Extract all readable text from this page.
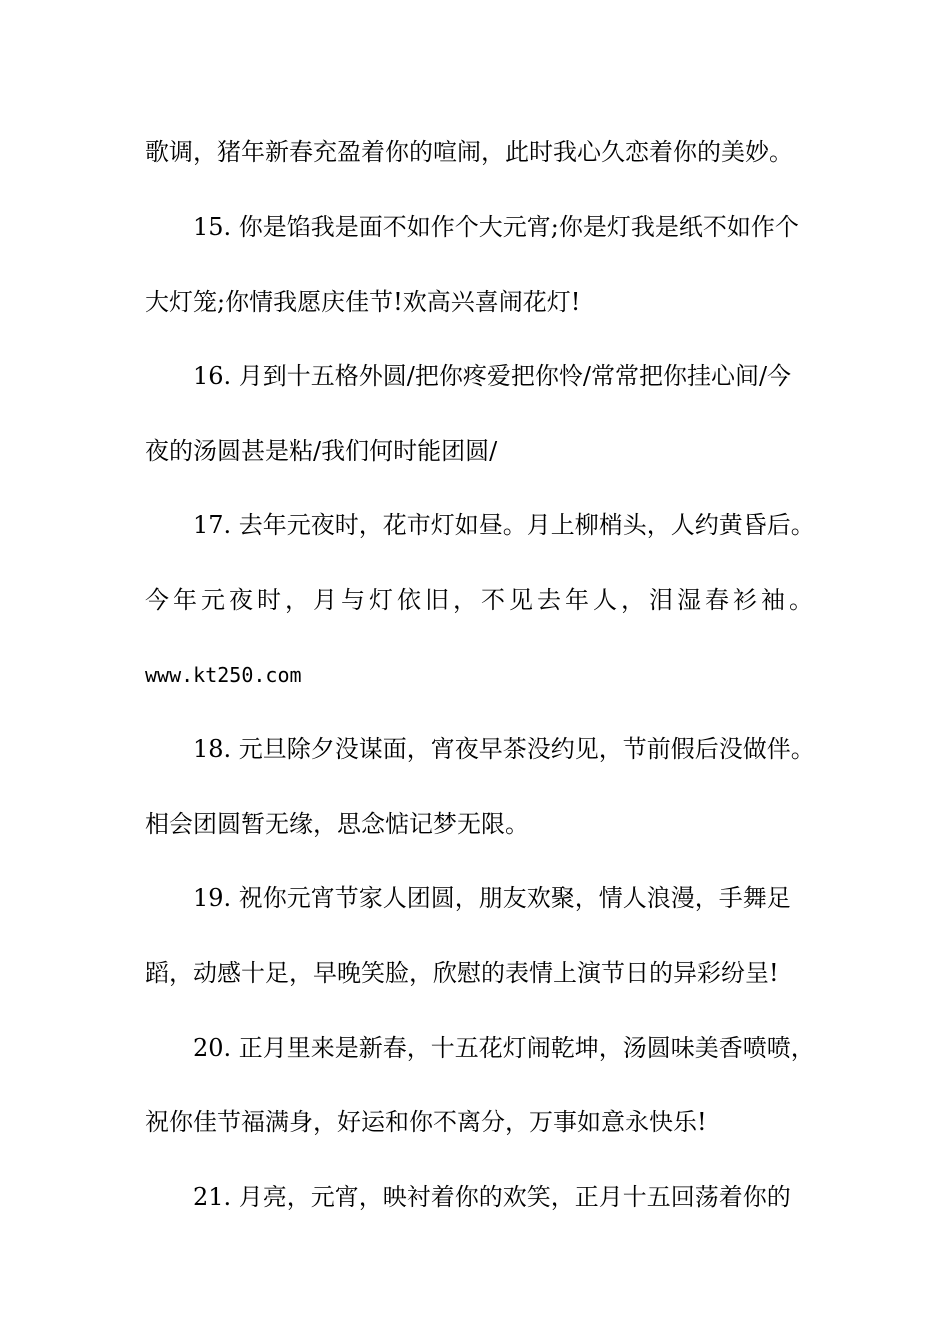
歌调，猪年新春充盈着你的喧闹，此时我心久恋着你的美妙。
15. 你是馅我是面不如作个大元宵;你是灯我是纸不如作个
大灯笼;你情我愿庆佳节!欢高兴喜闹花灯!
16. 月到十五格外圆/把你疼爱把你怜/常常把你挂心间/今
夜的汤圆甚是粘/我们何时能团圆/
17. 去年元夜时，花市灯如昼。月上柳梢头，人约黄昏后。
今年元夜时，月与灯依旧，不见去年人，泪湿春衫袖。
www.kt250.com
18. 元旦除夕没谋面，宵夜早茶没约见，节前假后没做伴。
相会团圆暂无缘，思念惦记梦无限。
19. 祝你元宵节家人团圆，朋友欢聚，情人浪漫，手舞足
蹈，动感十足，早晚笑脸，欣慰的表情上演节日的异彩纷呈!
20. 正月里来是新春，十五花灯闹乾坤，汤圆味美香喷喷，
祝你佳节福满身，好运和你不离分，万事如意永快乐!
21. 月亮，元宵，映衬着你的欢笑，正月十五回荡着你的
